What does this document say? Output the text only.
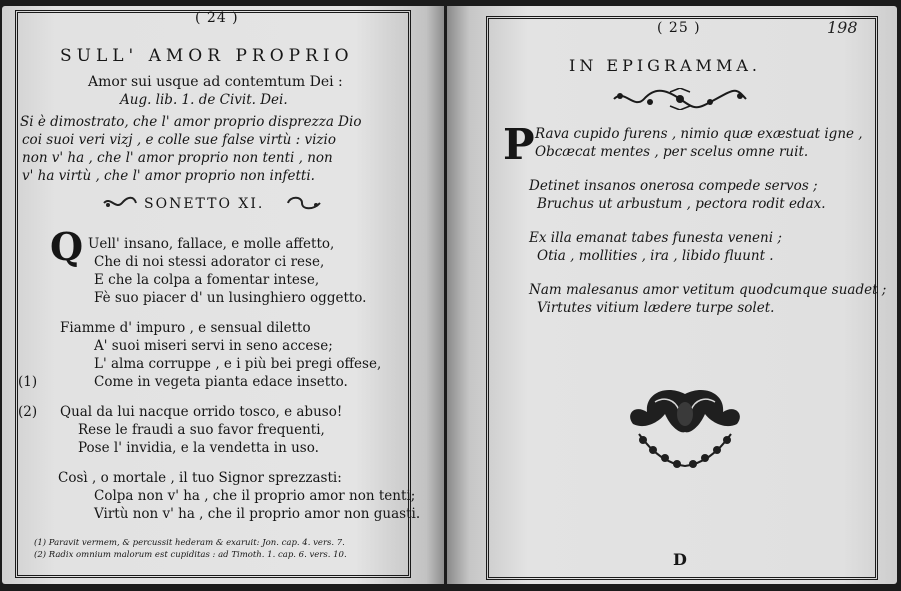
( 24 )
SULL' AMOR PROPRIO
Amor sui usque ad contemtum Dei :
Aug. lib. 1. de Civit. Dei.
Si è dimostrato, che l' amor proprio disprezza Dio
coi suoi veri vizj , e colle sue false virtù : vizio
non v' ha , che l' amor proprio non tenti , non
v' ha virtù , che l' amor proprio non infetti.
SONETTO XI.
Q Uell' insano, fallace, e molle affetto,
Che di noi stessi adorator ci rese,
E che la colpa a fomentar intese,
Fè suo piacer d' un lusinghiero oggetto.
Fiamme d' impuro , e sensual diletto
A' suoi miseri servi in seno accese;
L' alma corruppe , e i più bei pregi offese,
(1)	Come in vegeta pianta edace insetto.
(2) Qual da lui nacque orrido tosco, e abuso!
Rese le fraudi a suo favor frequenti,
Pose l' invidia, e la vendetta in uso.
Così , o mortale , il tuo Signor sprezzasti:
Colpa non v' ha , che il proprio amor non tenti;
Virtù non v' ha , che il proprio amor non guasti.
(1) Paravit vermem, & percussit hederam & exaruit: Jon. cap. 4. vers. 7.
(2) Radix omnium malorum est cupiditas : ad Timoth. 1. cap. 6. vers. 10.
( 25 )	198
IN EPIGRAMMA.
P Rava cupido furens , nimio quæ exæstuat igne ,
Obcæcat mentes , per scelus omne ruit.
Detinet insanos onerosa compede servos ;
Bruchus ut arbustum , pectora rodit edax.
Ex illa emanat tabes funesta veneni ;
Otia , mollities , ira , libido fluunt .
Nam malesanus amor vetitum quodcumque suadet ;
Virtutes vitium lædere turpe solet.
D
